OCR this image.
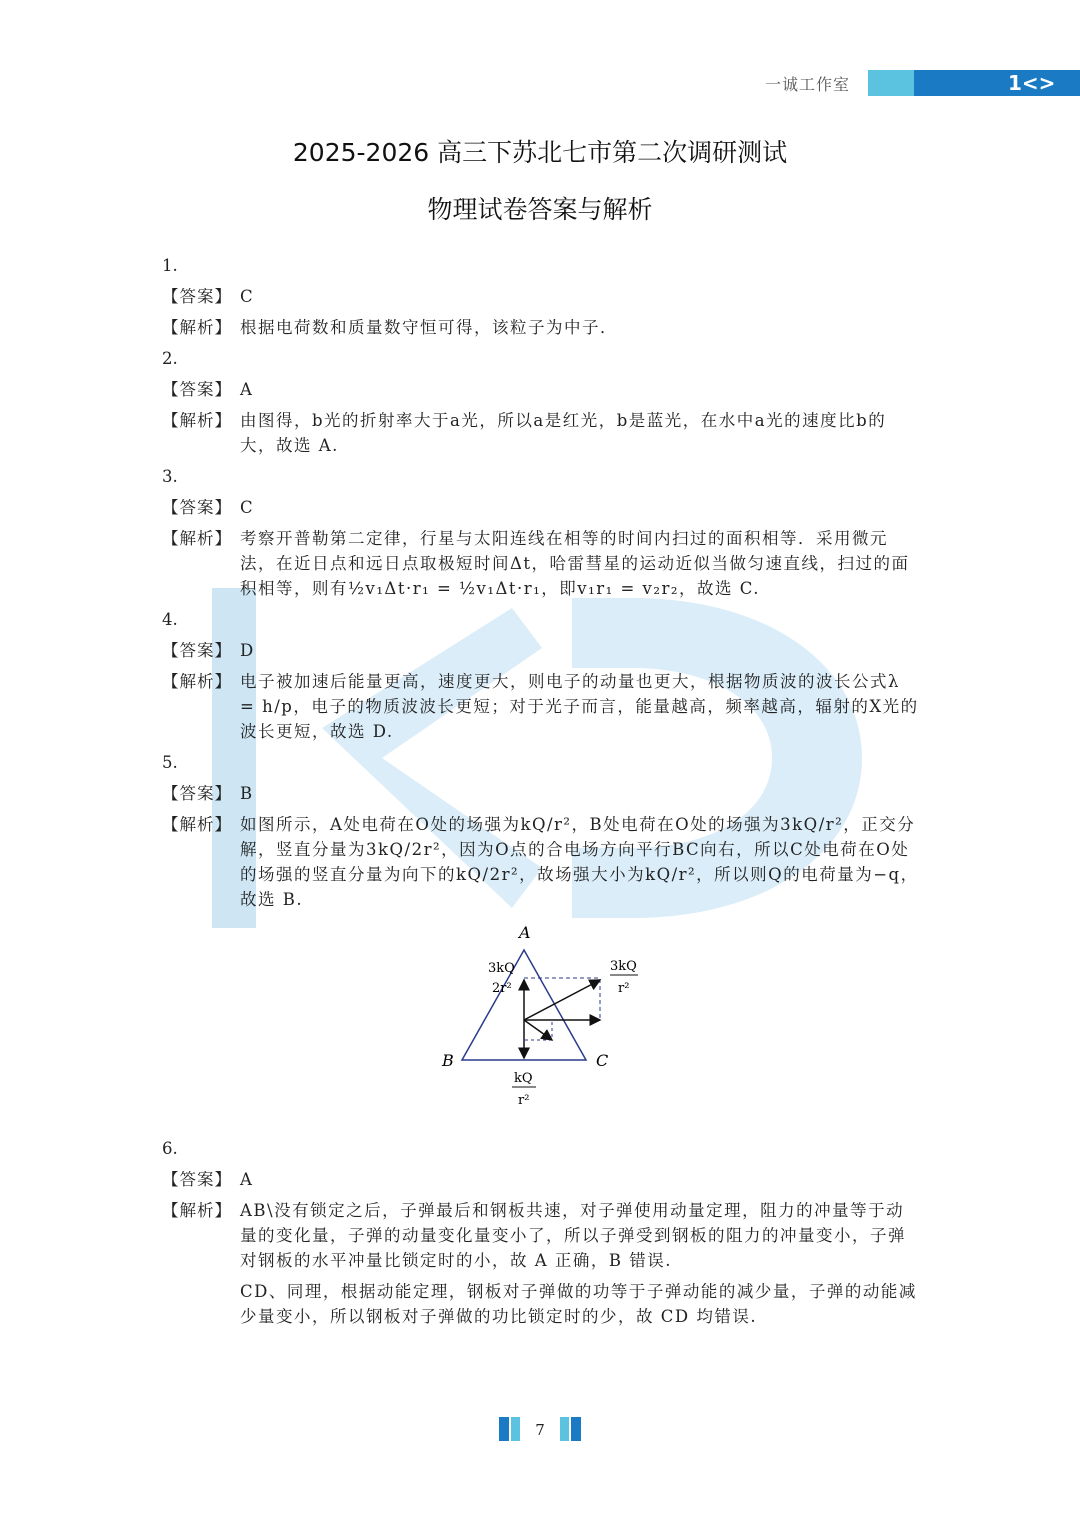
一诚工作室	1<>
2025-2026 高三下苏北七市第二次调研测试
物理试卷答案与解析
1.
【答案】 C
【解析】 根据电荷数和质量数守恒可得，该粒子为中子．
2.
【答案】 A
【解析】 由图得，b光的折射率大于a光，所以a是红光，b是蓝光，在水中a光的速度比b的大，故选 A.
3.
【答案】 C
【解析】 考察开普勒第二定律，行星与太阳连线在相等的时间内扫过的面积相等．采用微元法，在近日点和远日点取极短时间Δt，哈雷彗星的运动近似当做匀速直线，扫过的面积相等，则有½v₁Δt·r₁ = ½v₁Δt·r₁，即v₁r₁ = v₂r₂，故选 C.
4.
【答案】 D
【解析】 电子被加速后能量更高，速度更大，则电子的动量也更大，根据物质波的波长公式λ = h/p，电子的物质波波长更短；对于光子而言，能量越高，频率越高，辐射的X光的波长更短，故选 D.
5.
【答案】 B
【解析】 如图所示，A处电荷在O处的场强为kQ/r²，B处电荷在O处的场强为3kQ/r²，正交分解，竖直分量为3kQ/2r²，因为O点的合电场方向平行BC向右，所以C处电荷在O处的场强的竖直分量为向下的kQ/2r²，故场强大小为kQ/r²，所以则Q的电荷量为−q，故选 B.
A
B	C
3kQ
2r²
3kQ
r²
kQ
r²
6.
【答案】 A
【解析】 AB\没有锁定之后，子弹最后和钢板共速，对子弹使用动量定理，阻力的冲量等于动量的变化量，子弹的动量变化量变小了，所以子弹受到钢板的阻力的冲量变小，子弹对钢板的水平冲量比锁定时的小，故 A 正确，B 错误.
CD、同理，根据动能定理，钢板对子弹做的功等于子弹动能的减少量，子弹的动能减少量变小，所以钢板对子弹做的功比锁定时的少，故 CD 均错误.
7
